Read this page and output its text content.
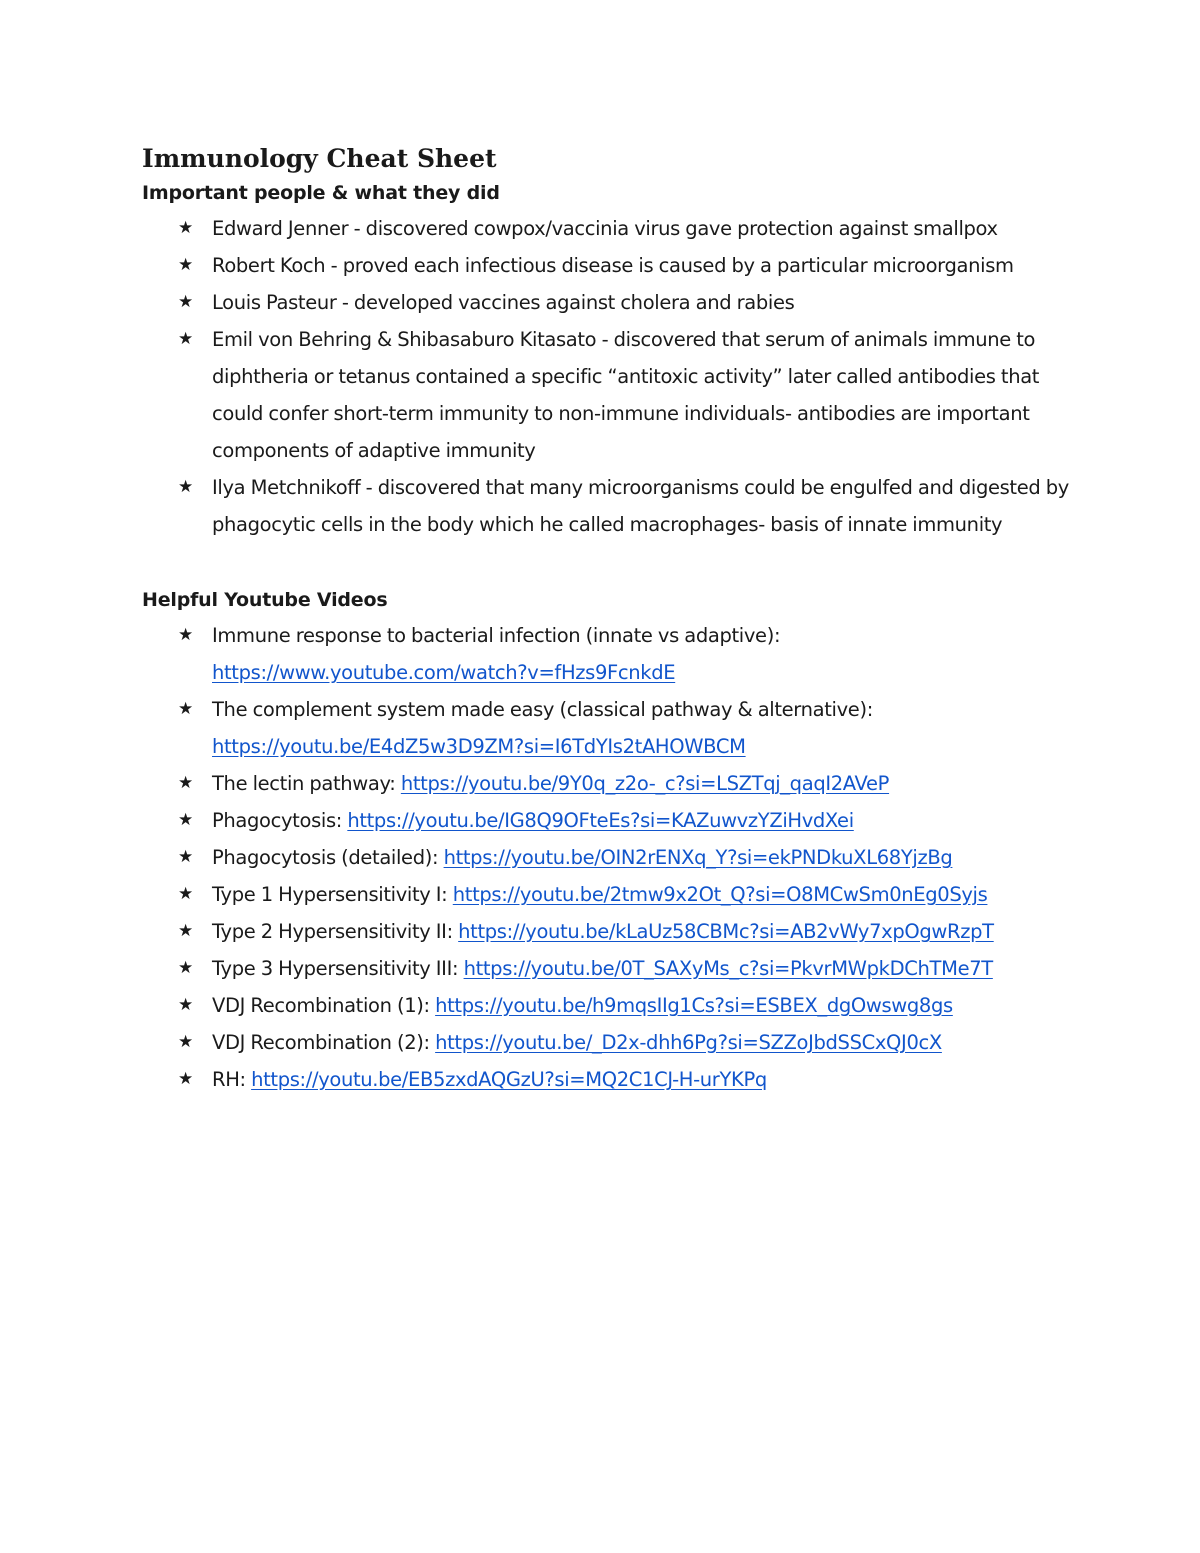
Immunology Cheat Sheet
Important people & what they did
★ Edward Jenner - discovered cowpox/vaccinia virus gave protection against smallpox
★ Robert Koch - proved each infectious disease is caused by a particular microorganism
★ Louis Pasteur - developed vaccines against cholera and rabies
★ Emil von Behring & Shibasaburo Kitasato - discovered that serum of animals immune to diphtheria or tetanus contained a specific “antitoxic activity” later called antibodies that could confer short-term immunity to non-immune individuals- antibodies are important components of adaptive immunity
★ Ilya Metchnikoff - discovered that many microorganisms could be engulfed and digested by phagocytic cells in the body which he called macrophages- basis of innate immunity
Helpful Youtube Videos
★ Immune response to bacterial infection (innate vs adaptive): https://www.youtube.com/watch?v=fHzs9FcnkdE
★ The complement system made easy (classical pathway & alternative): https://youtu.be/E4dZ5w3D9ZM?si=I6TdYIs2tAHOWBCM
★ The lectin pathway: https://youtu.be/9Y0q_z2o-_c?si=LSZTqj_qaqI2AVeP
★ Phagocytosis: https://youtu.be/IG8Q9OFteEs?si=KAZuwvzYZiHvdXei
★ Phagocytosis (detailed): https://youtu.be/OIN2rENXq_Y?si=ekPNDkuXL68YjzBg
★ Type 1 Hypersensitivity I: https://youtu.be/2tmw9x2Ot_Q?si=O8MCwSm0nEg0Syjs
★ Type 2 Hypersensitivity II: https://youtu.be/kLaUz58CBMc?si=AB2vWy7xpOgwRzpT
★ Type 3 Hypersensitivity III: https://youtu.be/0T_SAXyMs_c?si=PkvrMWpkDChTMe7T
★ VDJ Recombination (1): https://youtu.be/h9mqsIIg1Cs?si=ESBEX_dgOwswg8gs
★ VDJ Recombination (2): https://youtu.be/_D2x-dhh6Pg?si=SZZoJbdSSCxQJ0cX
★ RH: https://youtu.be/EB5zxdAQGzU?si=MQ2C1CJ-H-urYKPq
